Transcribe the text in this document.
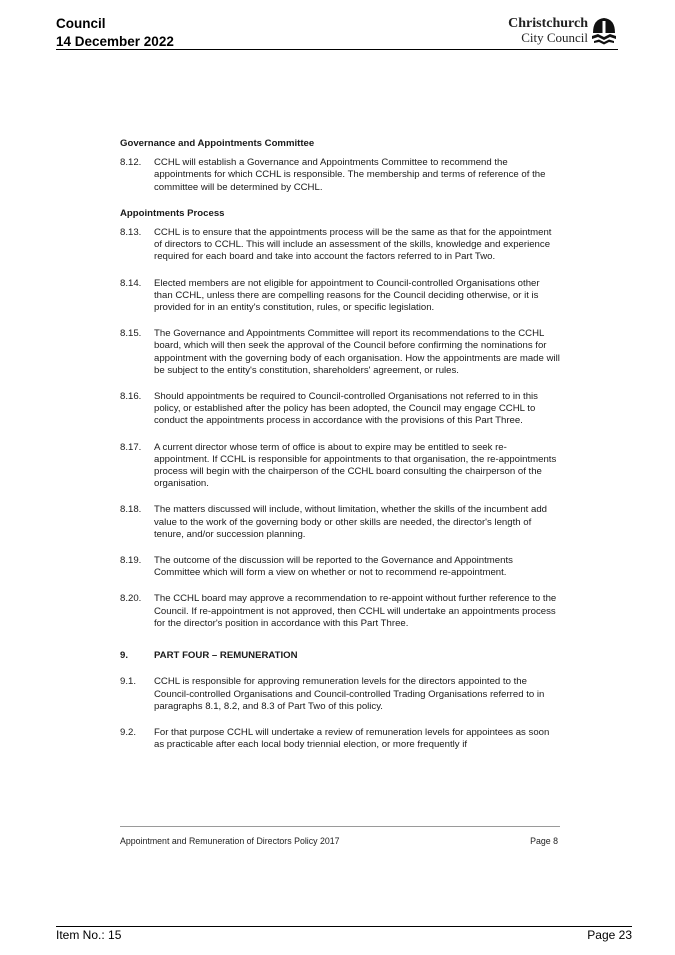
Council
14 December 2022
Christchurch
City Council
Governance and Appointments Committee
8.12.	CCHL will establish a Governance and Appointments Committee to recommend the appointments for which CCHL is responsible. The membership and terms of reference of the committee will be determined by CCHL.
Appointments Process
8.13.	CCHL is to ensure that the appointments process will be the same as that for the appointment of directors to CCHL. This will include an assessment of the skills, knowledge and experience required for each board and take into account the factors referred to in Part Two.
8.14.	Elected members are not eligible for appointment to Council-controlled Organisations other than CCHL, unless there are compelling reasons for the Council deciding otherwise, or it is provided for in an entity's constitution, rules, or specific legislation.
8.15.	The Governance and Appointments Committee will report its recommendations to the CCHL board, which will then seek the approval of the Council before confirming the nominations for appointment with the governing body of each organisation. How the appointments are made will be subject to the entity's constitution, shareholders' agreement, or rules.
8.16.	Should appointments be required to Council-controlled Organisations not referred to in this policy, or established after the policy has been adopted, the Council may engage CCHL to conduct the appointments process in accordance with the provisions of this Part Three.
8.17.	A current director whose term of office is about to expire may be entitled to seek re-appointment. If CCHL is responsible for appointments to that organisation, the re-appointments process will begin with the chairperson of the CCHL board consulting the chairperson of the organisation.
8.18.	The matters discussed will include, without limitation, whether the skills of the incumbent add value to the work of the governing body or other skills are needed, the director's length of tenure, and/or succession planning.
8.19.	The outcome of the discussion will be reported to the Governance and Appointments Committee which will form a view on whether or not to recommend re-appointment.
8.20.	The CCHL board may approve a recommendation to re-appoint without further reference to the Council. If re-appointment is not approved, then CCHL will undertake an appointments process for the director's position in accordance with this Part Three.
9.	PART FOUR – REMUNERATION
9.1.	CCHL is responsible for approving remuneration levels for the directors appointed to the Council-controlled Organisations and Council-controlled Trading Organisations referred to in paragraphs 8.1, 8.2, and 8.3 of Part Two of this policy.
9.2.	For that purpose CCHL will undertake a review of remuneration levels for appointees as soon as practicable after each local body triennial election, or more frequently if
Appointment and Remuneration of Directors Policy 2017	Page 8
Item No.: 15	Page 23
